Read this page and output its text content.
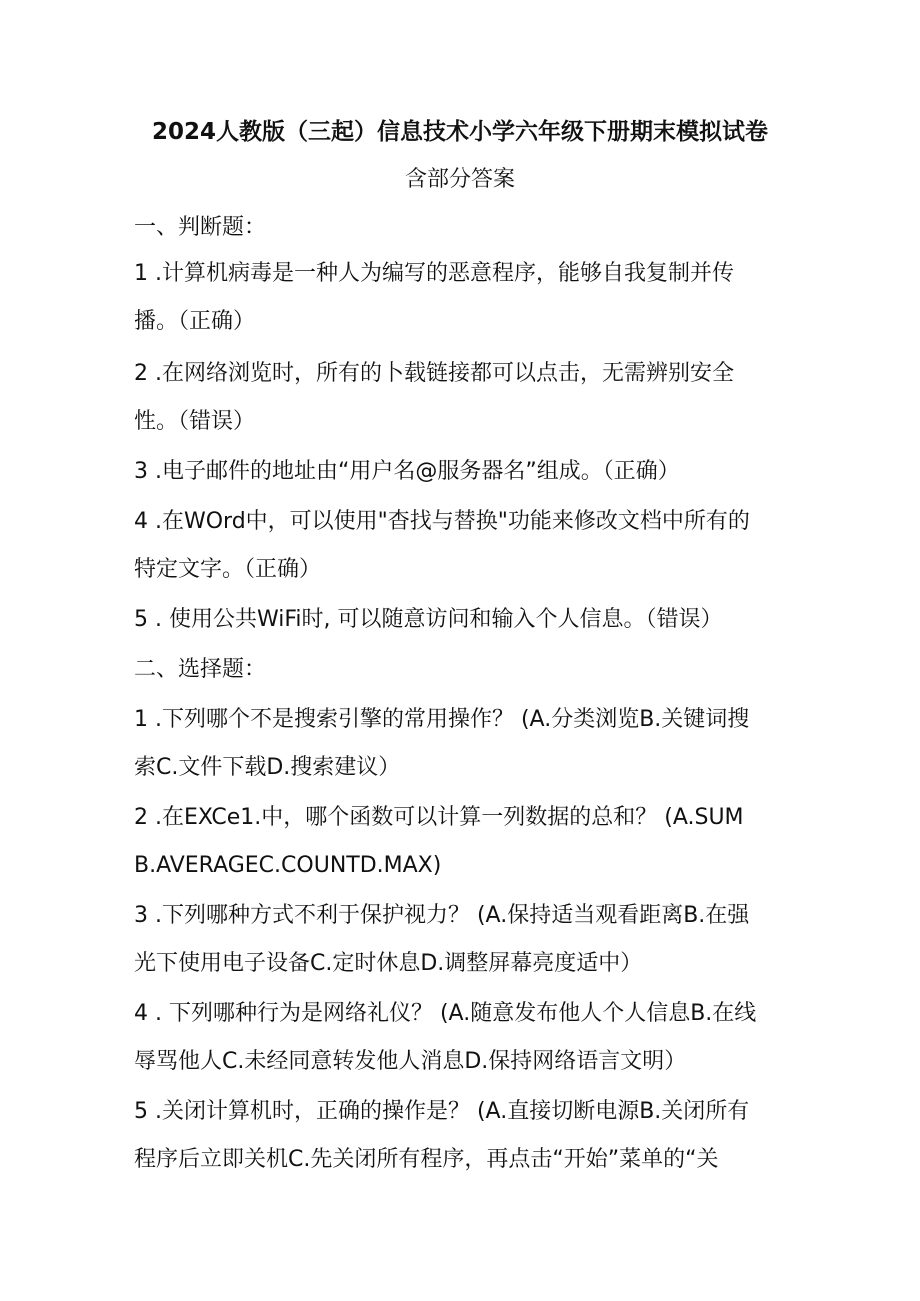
2024人教版（三起）信息技术小学六年级下册期末模拟试卷
含部分答案
一、判断题：
1 .计算机病毒是一种人为编写的恶意程序，能够自我复制并传
播。（正确）
2 .在网络浏览时，所有的卜载链接都可以点击，无需辨别安全
性。（错误）
3 .电子邮件的地址由“用户名@服务器名”组成。（正确）
4 .在WOrd中，可以使用"杳找与替换"功能来修改文档中所有的
特定文字。（正确）
5 . 使用公共WiFi时, 可以随意访问和输入个人信息。（错误）
二、选择题：
1 .下列哪个不是搜索引擎的常用操作？ (A.分类浏览B.关键词搜
索C.文件下载D.搜索建议）
2 .在EXCe1.中，哪个函数可以计算一列数据的总和？ (A.SUM
B.AVERAGEC.COUNTD.MAX)
3 .下列哪种方式不利于保护视力？ (A.保持适当观看距离B.在强
光下使用电子设备C.定时休息D.调整屏幕亮度适中）
4 . 下列哪种行为是网络礼仪？ (A.随意发布他人个人信息B.在线
辱骂他人C.未经同意转发他人消息D.保持网络语言文明）
5 .关闭计算机时，正确的操作是？ (A.直接切断电源B.关闭所有
程序后立即关机C.先关闭所有程序，再点击“开始”菜单的“关
